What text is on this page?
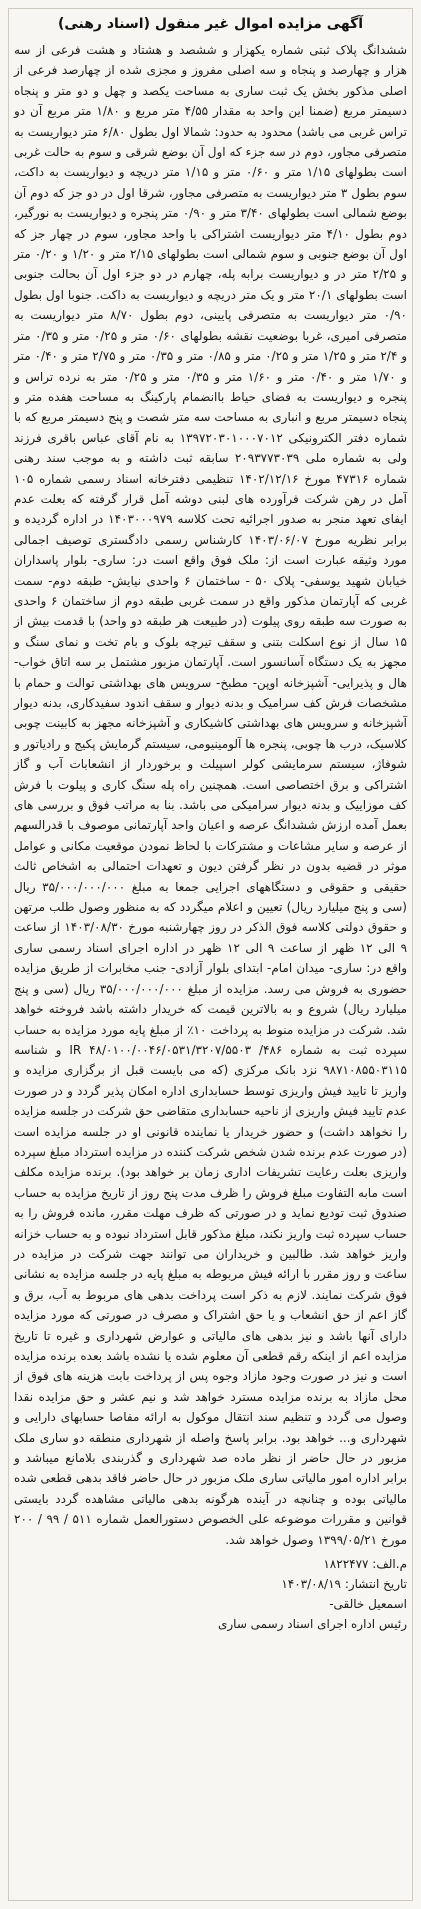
آگهی مزایده اموال غیر منقول (اسناد رهنی)
ششدانگ پلاک ثبتی شماره یکهزار و ششصد و هشتاد و هشت فرعی از سه هزار و چهارصد و پنجاه و سه اصلی مفروز و مجزی شده از چهارصد فرعی از اصلی مذکور بخش یک ثبت ساری به مساحت یکصد و چهل و دو متر و پنجاه دسیمتر مربع (ضمنا این واحد به مقدار ۴/۵۵ متر مربع و ۱/۸۰ متر مربع آن دو تراس غربی می باشد) محدود به حدود: شمالا اول بطول ۶/۸۰ متر دیواریست به متصرفی مجاور، دوم در سه جزء که اول آن بوضع شرقی و سوم به حالت غربی است بطولهای ۱/۱۵ متر و ۰/۶۰ متر و ۱/۱۵ متر دریچه و دیواریست به داکت، سوم بطول ۳ متر دیواریست به متصرفی مجاور، شرقا اول در دو جز که دوم آن بوضع شمالی است بطولهای ۳/۴۰ متر و ۰/۹۰ متر پنجره و دیواریست به نورگیر، دوم بطول ۴/۱۰ متر دیواریست اشتراکی با واحد مجاور، سوم در چهار جز که اول آن بوضع جنوبی و سوم شمالی است بطولهای ۲/۱۵ متر و ۱/۲۰ و ۰/۲۰ متر و ۲/۲۵ متر در و دیواریست برابه پله، چهارم در دو جزء اول آن بحالت جنوبی است بطولهای ۲۰/۱ متر و یک متر دریچه و دیواریست به داکت. جنوبا اول بطول ۰/۹۰ متر دیواریست به متصرفی پایینی، دوم بطول ۸/۷۰ متر دیواریست به متصرفی امیری، غربا بوضعیت نقشه بطولهای ۰/۶۰ متر و ۰/۲۵ متر و ۰/۳۵ متر و ۲/۴ متر و ۱/۲۵ متر و ۰/۲۵ متر و ۰/۸۵ متر و ۰/۳۵ متر و ۲/۷۵ متر و ۰/۴۰ متر و ۱/۷۰ متر و ۰/۴۰ متر و ۱/۶۰ متر و ۰/۳۵ متر و ۰/۲۵ متر به نرده تراس و پنجره و دیواریست به فضای حیاط باانضمام پارکینگ به مساحت هفده متر و پنجاه دسیمتر مربع و انباری به مساحت سه متر شصت و پنج دسیمتر مربع که با شماره دفتر الکترونیکی ۱۳۹۷۲۰۳۰۱۰۰۰۷۰۱۲ به نام آقای عباس باقری فرزند ولی به شماره ملی ۲۰۹۳۷۷۳۰۳۹ سابقه ثبت داشته و به موجب سند رهنی شماره ۴۷۳۱۶ مورخ ۱۴۰۲/۱۲/۱۶ تنظیمی دفترخانه اسناد رسمی شماره ۱۰۵ آمل در رهن شرکت فرآورده های لبنی دوشه آمل قرار گرفته که بعلت عدم ایفای تعهد منجر به صدور اجرائیه تحت کلاسه ۱۴۰۳۰۰۰۹۷۹ در اداره گردیده و برابر نظریه مورخ ۱۴۰۳/۰۶/۰۷ کارشناس رسمی دادگستری توصیف اجمالی مورد وثیقه عبارت است از: ملک فوق واقع است در: ساری- بلوار پاسداران خیابان شهید یوسفی- پلاک ۵۰ - ساختمان ۶ واحدی نیایش- طبقه دوم- سمت غربی که آپارتمان مذکور واقع در سمت غربی طبقه دوم از ساختمان ۶ واحدی به صورت سه طبقه روی پیلوت (در طبیعت هر طبقه دو واحد) با قدمت بیش از ۱۵ سال از نوع اسکلت بتنی و سقف تیرچه بلوک و بام تخت و نمای سنگ و مجهز به یک دستگاه آسانسور است. آپارتمان مزبور مشتمل بر سه اتاق خواب- هال و پذیرایی- آشپزخانه اوپن- مطبخ- سرویس های بهداشتی توالت و حمام با مشخصات فرش کف سرامیک و بدنه دیوار و سقف اندود سفیدکاری، بدنه دیوار آشپزخانه و سرویس های بهداشتی کاشیکاری و آشپزخانه مجهز به کابینت چوبی کلاسیک، درب ها چوبی، پنجره ها آلومینیومی، سیستم گرمایش پکیج و رادیاتور و شوفاژ، سیستم سرمایشی کولر اسپیلت و برخوردار از انشعابات آب و گاز اشتراکی و برق اختصاصی است. همچنین راه پله سنگ کاری و پیلوت با فرش کف موزاییک و بدنه دیوار سرامیکی می باشد. بنا به مراتب فوق و بررسی های بعمل آمده ارزش ششدانگ عرصه و اعیان واحد آپارتمانی موصوف با قدرالسهم از عرصه و سایر مشاعات و مشترکات با لحاظ نمودن موقعیت مکانی و عوامل موثر در قضیه بدون در نظر گرفتن دیون و تعهدات احتمالی به اشخاص ثالث حقیقی و حقوقی و دستگاههای اجرایی جمعا به مبلغ ۳۵/۰۰۰/۰۰۰/۰۰۰ ریال (سی و پنج میلیارد ریال) تعیین و اعلام میگردد که به منظور وصول طلب مرتهن و حقوق دولتی کلاسه فوق الذکر در روز چهارشنبه مورخ ۱۴۰۳/۰۸/۳۰ از ساعت ۹ الی ۱۲ ظهر از ساعت ۹ الی ۱۲ ظهر در اداره اجرای اسناد رسمی ساری واقع در: ساری- میدان امام- ابتدای بلوار آزادی- جنب مخابرات از طریق مزایده حضوری به فروش می رسد. مزایده از مبلغ ۳۵/۰۰۰/۰۰۰/۰۰۰ ریال (سی و پنج میلیارد ریال) شروع و به بالاترین قیمت که خریدار داشته باشد فروخته خواهد شد. شرکت در مزایده منوط به پرداخت ۱۰٪ از مبلغ پایه مورد مزایده به حساب سپرده ثبت به شماره IR ۴۸/۰۱۰۰/۰۰۴۶/۰۵۳۱/۳۲۰۷/۵۵۰۳ /۴۸۶ و شناسه ۹۸۷۱۰۸۵۵۰۳۱۱۵ نزد بانک مرکزی (که می بایست قبل از برگزاری مزایده و واریز تا تایید فیش واریزی توسط حسابداری اداره امکان پذیر گردد و در صورت عدم تایید فیش واریزی از ناحیه حسابداری متقاضی حق شرکت در جلسه مزایده را نخواهد داشت) و حضور خریدار یا نماینده قانونی او در جلسه مزایده است (در صورت عدم برنده شدن شخص شرکت کننده در مزایده استرداد مبلغ سپرده واریزی بعلت رعایت تشریفات اداری زمان بر خواهد بود). برنده مزایده مکلف است مابه التفاوت مبلغ فروش را ظرف مدت پنج روز از تاریخ مزایده به حساب صندوق ثبت تودیع نماید و در صورتی که ظرف مهلت مقرر، مانده فروش را به حساب سپرده ثبت واریز نکند، مبلغ مذکور قابل استرداد نبوده و به حساب خزانه واریز خواهد شد. طالبین و خریداران می توانند جهت شرکت در مزایده در ساعت و روز مقرر با ارائه فیش مربوطه به مبلغ پایه در جلسه مزایده به نشانی فوق شرکت نمایند. لازم به ذکر است پرداخت بدهی های مربوط به آب، برق و گاز اعم از حق انشعاب و یا حق اشتراک و مصرف در صورتی که مورد مزایده دارای آنها باشد و نیز بدهی های مالیاتی و عوارض شهرداری و غیره تا تاریخ مزایده اعم از اینکه رقم قطعی آن معلوم شده یا نشده باشد بعده برنده مزایده است و نیز در صورت وجود مازاد وجوه پس از پرداخت بابت هزینه های فوق از محل مازاد به برنده مزایده مسترد خواهد شد و نیم عشر و حق مزایده نقدا وصول می گردد و تنظیم سند انتقال موکول به ارائه مفاصا حسابهای دارایی و شهرداری و... خواهد بود. برابر پاسخ واصله از شهرداری منطقه دو ساری ملک مزبور در حال حاضر از نظر ماده صد شهرداری و گذربندی بلامانع میباشد و برابر اداره امور مالیاتی ساری ملک مزبور در حال حاضر فاقد بدهی قطعی شده مالیاتی بوده و چنانچه در آینده هرگونه بدهی مالیاتی مشاهده گردد بایستی قوانین و مقررات موضوعه علی الخصوص دستورالعمل شماره ۵۱۱ / ۹۹ / ۲۰۰ مورخ ۱۳۹۹/۰۵/۲۱ وصول خواهد شد.
م.الف: ۱۸۲۲۴۷۷
تاریخ انتشار: ۱۴۰۳/۰۸/۱۹
اسمعیل خالقی-
رئیس اداره اجرای اسناد رسمی ساری
